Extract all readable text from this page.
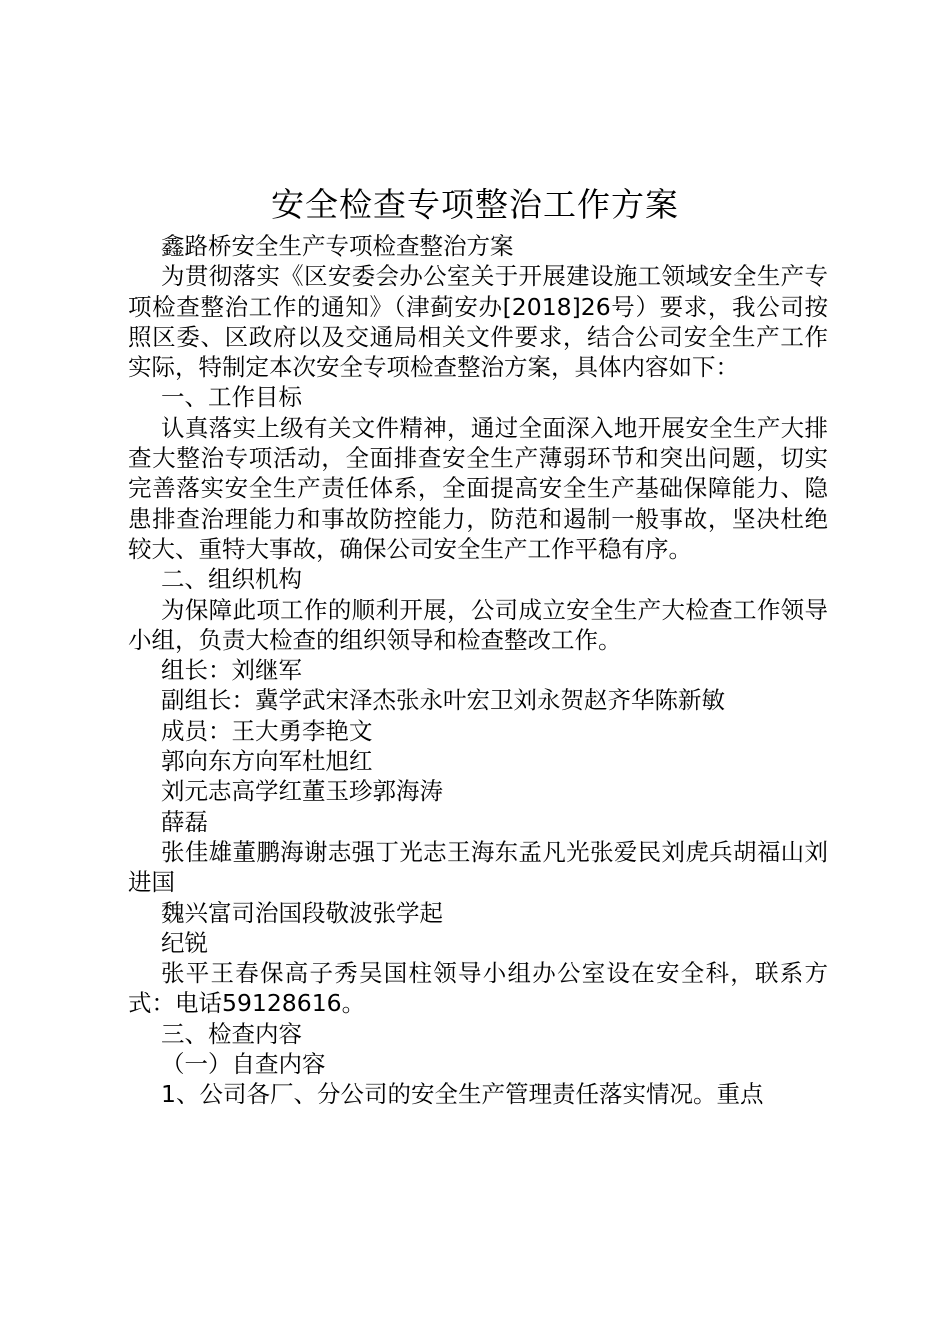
安全检查专项整治工作方案

鑫路桥安全生产专项检查整治方案

为贯彻落实《区安委会办公室关于开展建设施工领域安全生产专项检查整治工作的通知》（津蓟安办[2018]26号）要求，我公司按照区委、区政府以及交通局相关文件要求，结合公司安全生产工作实际，特制定本次安全专项检查整治方案，具体内容如下：

一、工作目标

认真落实上级有关文件精神，通过全面深入地开展安全生产大排查大整治专项活动，全面排查安全生产薄弱环节和突出问题，切实完善落实安全生产责任体系，全面提高安全生产基础保障能力、隐患排查治理能力和事故防控能力，防范和遏制一般事故，坚决杜绝较大、重特大事故，确保公司安全生产工作平稳有序。

二、组织机构

为保障此项工作的顺利开展，公司成立安全生产大检查工作领导小组，负责大检查的组织领导和检查整改工作。

组长：刘继军

副组长：冀学武宋泽杰张永叶宏卫刘永贺赵齐华陈新敏

成员：王大勇李艳文

郭向东方向军杜旭红

刘元志高学红董玉珍郭海涛

薛磊

张佳雄董鹏海谢志强丁光志王海东孟凡光张爱民刘虎兵胡福山刘进国

魏兴富司治国段敬波张学起

纪锐

张平王春保高子秀吴国柱领导小组办公室设在安全科，联系方式：电话59128616。

三、检查内容

（一）自查内容

1、公司各厂、分公司的安全生产管理责任落实情况。重点
